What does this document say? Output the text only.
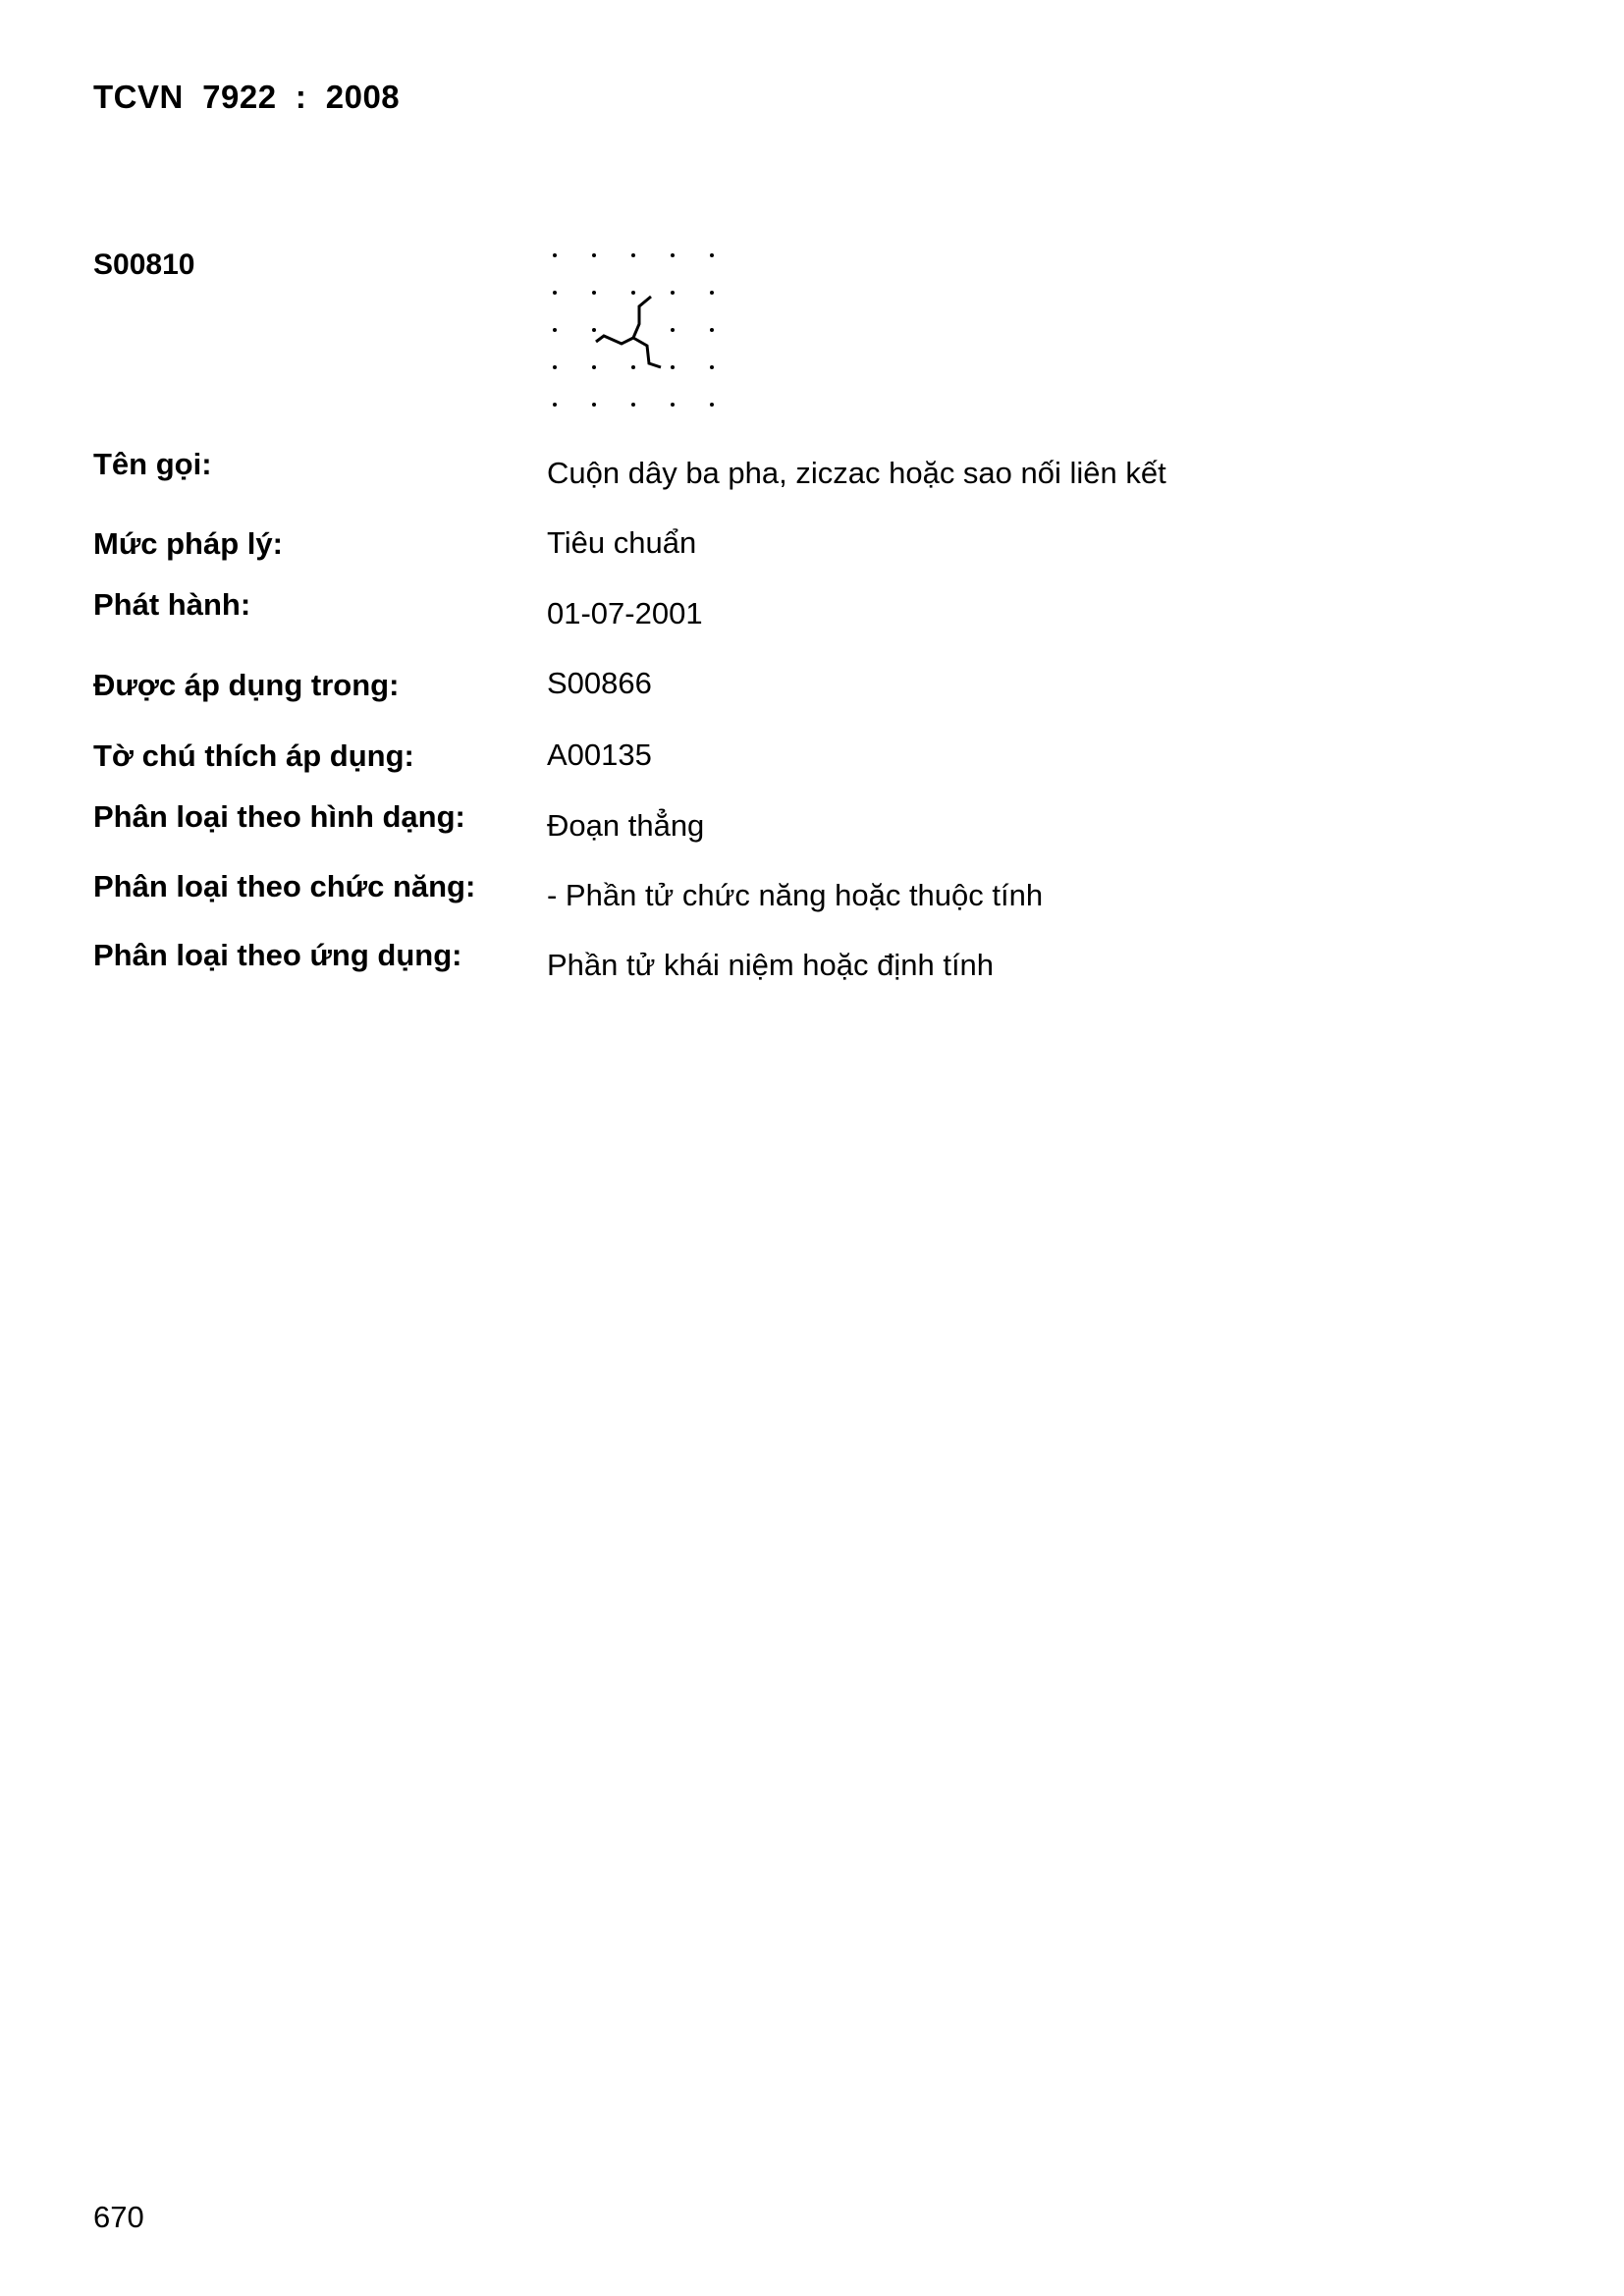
TCVN  7922  :  2008
S00810
Tên gọi:	Cuộn dây ba pha, ziczac hoặc sao nối liên kết
Mức pháp lý:	Tiêu chuẩn
Phát hành:	01-07-2001
Được áp dụng trong:	S00866
Tờ chú thích áp dụng:	A00135
Phân loại theo hình dạng:	Đoạn thẳng
Phân loại theo chức năng: - Phần tử chức năng hoặc thuộc tính
Phân loại theo ứng dụng:	Phần tử khái niệm hoặc định tính
670
